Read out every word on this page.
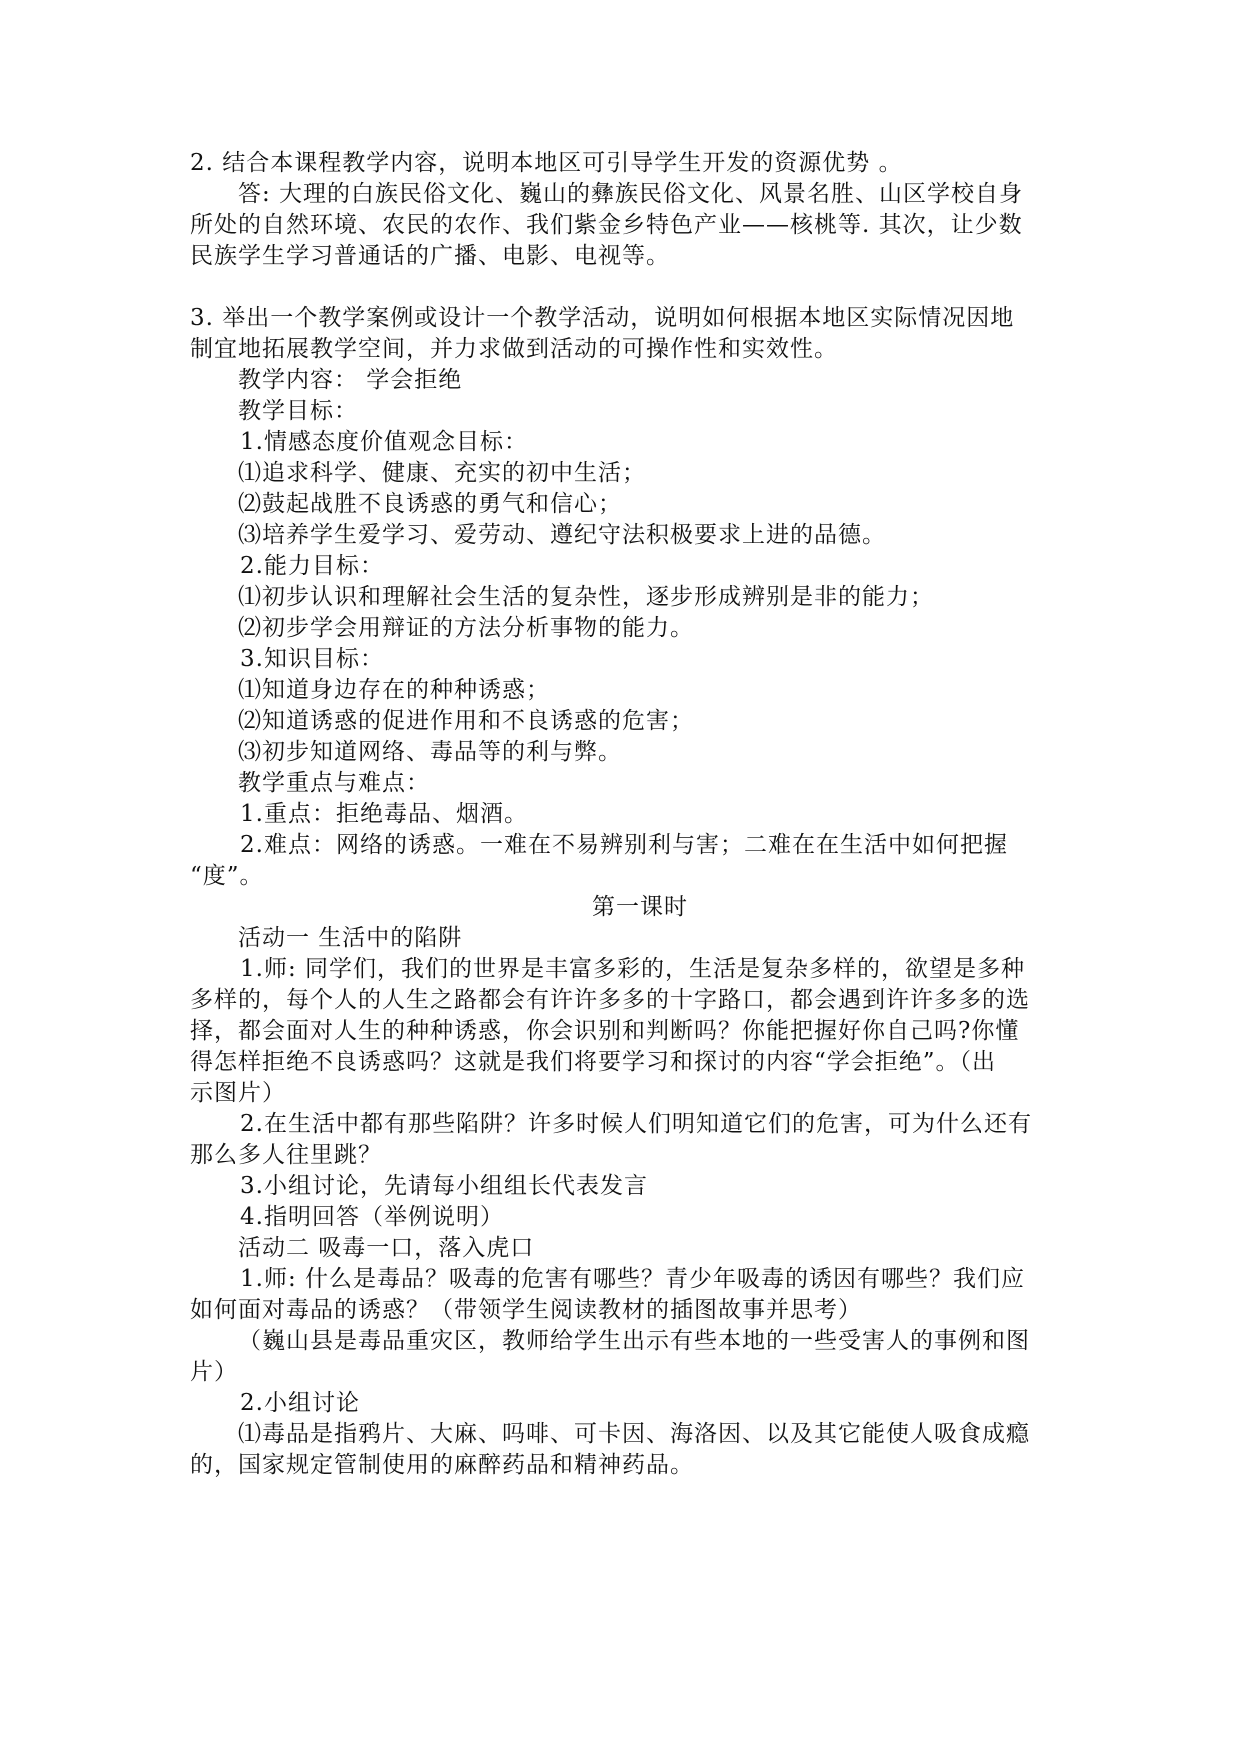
2. 结合本课程教学内容，说明本地区可引导学生开发的资源优势 。

答: 大理的白族民俗文化、巍山的彝族民俗文化、风景名胜、山区学校自身

所处的自然环境、农民的农作、我们紫金乡特色产业——核桃等. 其次，让少数

民族学生学习普通话的广播、电影、电视等。

3. 举出一个教学案例或设计一个教学活动，说明如何根据本地区实际情况因地

制宜地拓展教学空间，并力求做到活动的可操作性和实效性。

教学内容： 学会拒绝

教学目标：

1.情感态度价值观念目标：

⑴追求科学、健康、充实的初中生活；

⑵鼓起战胜不良诱惑的勇气和信心；

⑶培养学生爱学习、爱劳动、遵纪守法积极要求上进的品德。

2.能力目标：

⑴初步认识和理解社会生活的复杂性，逐步形成辨别是非的能力；

⑵初步学会用辩证的方法分析事物的能力。

3.知识目标：

⑴知道身边存在的种种诱惑；

⑵知道诱惑的促进作用和不良诱惑的危害；

⑶初步知道网络、毒品等的利与弊。

教学重点与难点：

1.重点：拒绝毒品、烟酒。

2.难点：网络的诱惑。一难在不易辨别利与害；二难在在生活中如何把握

“度”。

第一课时

活动一 生活中的陷阱

1.师: 同学们，我们的世界是丰富多彩的，生活是复杂多样的，欲望是多种

多样的，每个人的人生之路都会有许许多多的十字路口，都会遇到许许多多的选

择，都会面对人生的种种诱惑，你会识别和判断吗？你能把握好你自己吗?你懂

得怎样拒绝不良诱惑吗？这就是我们将要学习和探讨的内容“学会拒绝”。（出

示图片）

2.在生活中都有那些陷阱？许多时候人们明知道它们的危害，可为什么还有

那么多人往里跳？

3.小组讨论，先请每小组组长代表发言

4.指明回答（举例说明）

活动二 吸毒一口，落入虎口

1.师: 什么是毒品？吸毒的危害有哪些？青少年吸毒的诱因有哪些？我们应

如何面对毒品的诱惑？（带领学生阅读教材的插图故事并思考）

（巍山县是毒品重灾区，教师给学生出示有些本地的一些受害人的事例和图

片）

2.小组讨论

⑴毒品是指鸦片、大麻、吗啡、可卡因、海洛因、以及其它能使人吸食成瘾

的，国家规定管制使用的麻醉药品和精神药品。
